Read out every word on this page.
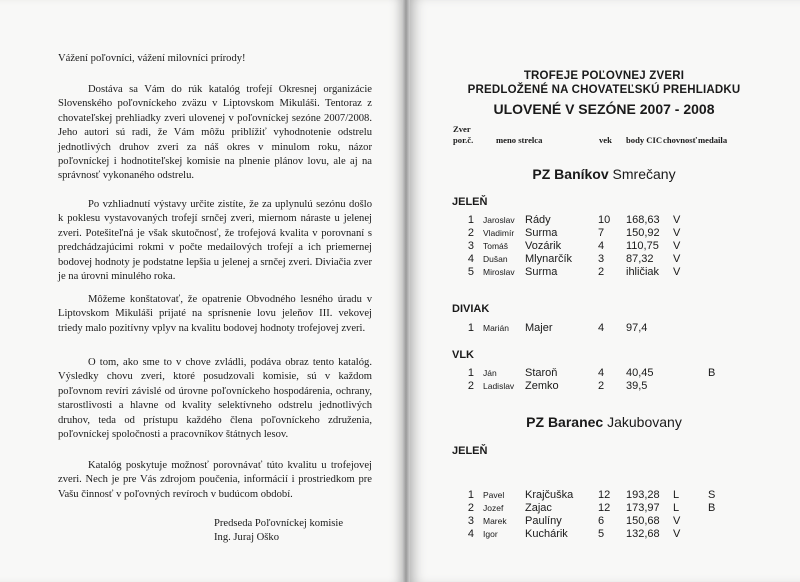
Vážení poľovníci, vážení milovníci prírody!

Dostáva sa Vám do rúk katalóg trofejí Okresnej organizácie Slovenského poľovníckeho zväzu v Liptovskom Mikuláši. Tentoraz z chovateľskej prehliadky zveri ulovenej v poľovníckej sezóne 2007/2008. Jeho autori sú radi, že Vám môžu priblížiť vyhodnotenie odstrelu jednotlivých druhov zveri za náš okres v minulom roku, názor poľovníckej i hodnotiteľskej komisie na plnenie plánov lovu, ale aj na správnosť vykonaného odstrelu.

Po vzhliadnutí výstavy určite zistíte, že za uplynulú sezónu došlo k poklesu vystavovaných trofejí srnčej zveri, miernom náraste u jelenej zveri. Potešiteľná je však skutočnosť, že trofejová kvalita v porovnaní s predchádzajúcimi rokmi v počte medailových trofejí a ich priemernej bodovej hodnoty je podstatne lepšia u jelenej a srnčej zveri. Diviačia zver je na úrovni minulého roka.

Môžeme konštatovať, že opatrenie Obvodného lesného úradu v Liptovskom Mikuláši prijaté na sprísnenie lovu jeleňov III. vekovej triedy malo pozitívny vplyv na kvalitu bodovej hodnoty trofejovej zveri.

O tom, ako sme to v chove zvládli, podáva obraz tento katalóg. Výsledky chovu zveri, ktoré posudzovali komisie, sú v každom poľovnom revíri závislé od úrovne poľovníckeho hospodárenia, ochrany, starostlivosti a hlavne od kvality selektívneho odstrelu jednotlivých druhov, teda od prístupu každého člena poľovníckeho združenia, poľovníckej spoločnosti a pracovníkov štátnych lesov.

Katalóg poskytuje možnosť porovnávať túto kvalitu u trofejovej zveri. Nech je pre Vás zdrojom poučenia, informácií i prostriedkom pre Vašu činnosť v poľovných revíroch v budúcom období.

Predseda Poľovníckej komisie
Ing. Juraj Oško
TROFEJE POĽOVNEJ ZVERI
PREDLOŽENÉ NA CHOVATEĽSKÚ PREHLIADKU
ULOVENÉ V SEZÓNE 2007 - 2008
Zver
por.č.	meno strelca	vek body CIC chovnosť medaila
PZ Baníkov Smrečany
JELEŇ
1 Jaroslav Rády	10 168,63 V
2 Vladimír Surma	7 150,92 V
3 Tomáš Vozárik	4 110,75 V
4 Dušan Mlynarčík 3 87,32 V
5 Miroslav Surma	2 ihličiak V
DIVIAK
1 Marián Majer	4 97,4
VLK
1 Ján	Staroň	4 40,45	B
2 Ladislav Zemko	2 39,5
PZ Baranec Jakubovany
JELEŇ
1 Pavel Krajčuška 12 193,28 L	S
2 Jozef Zajac	12 173,97 L	B
3 Marek Paulíny	6 150,68 V
4 Igor Kuchárik	5 132,68 V
